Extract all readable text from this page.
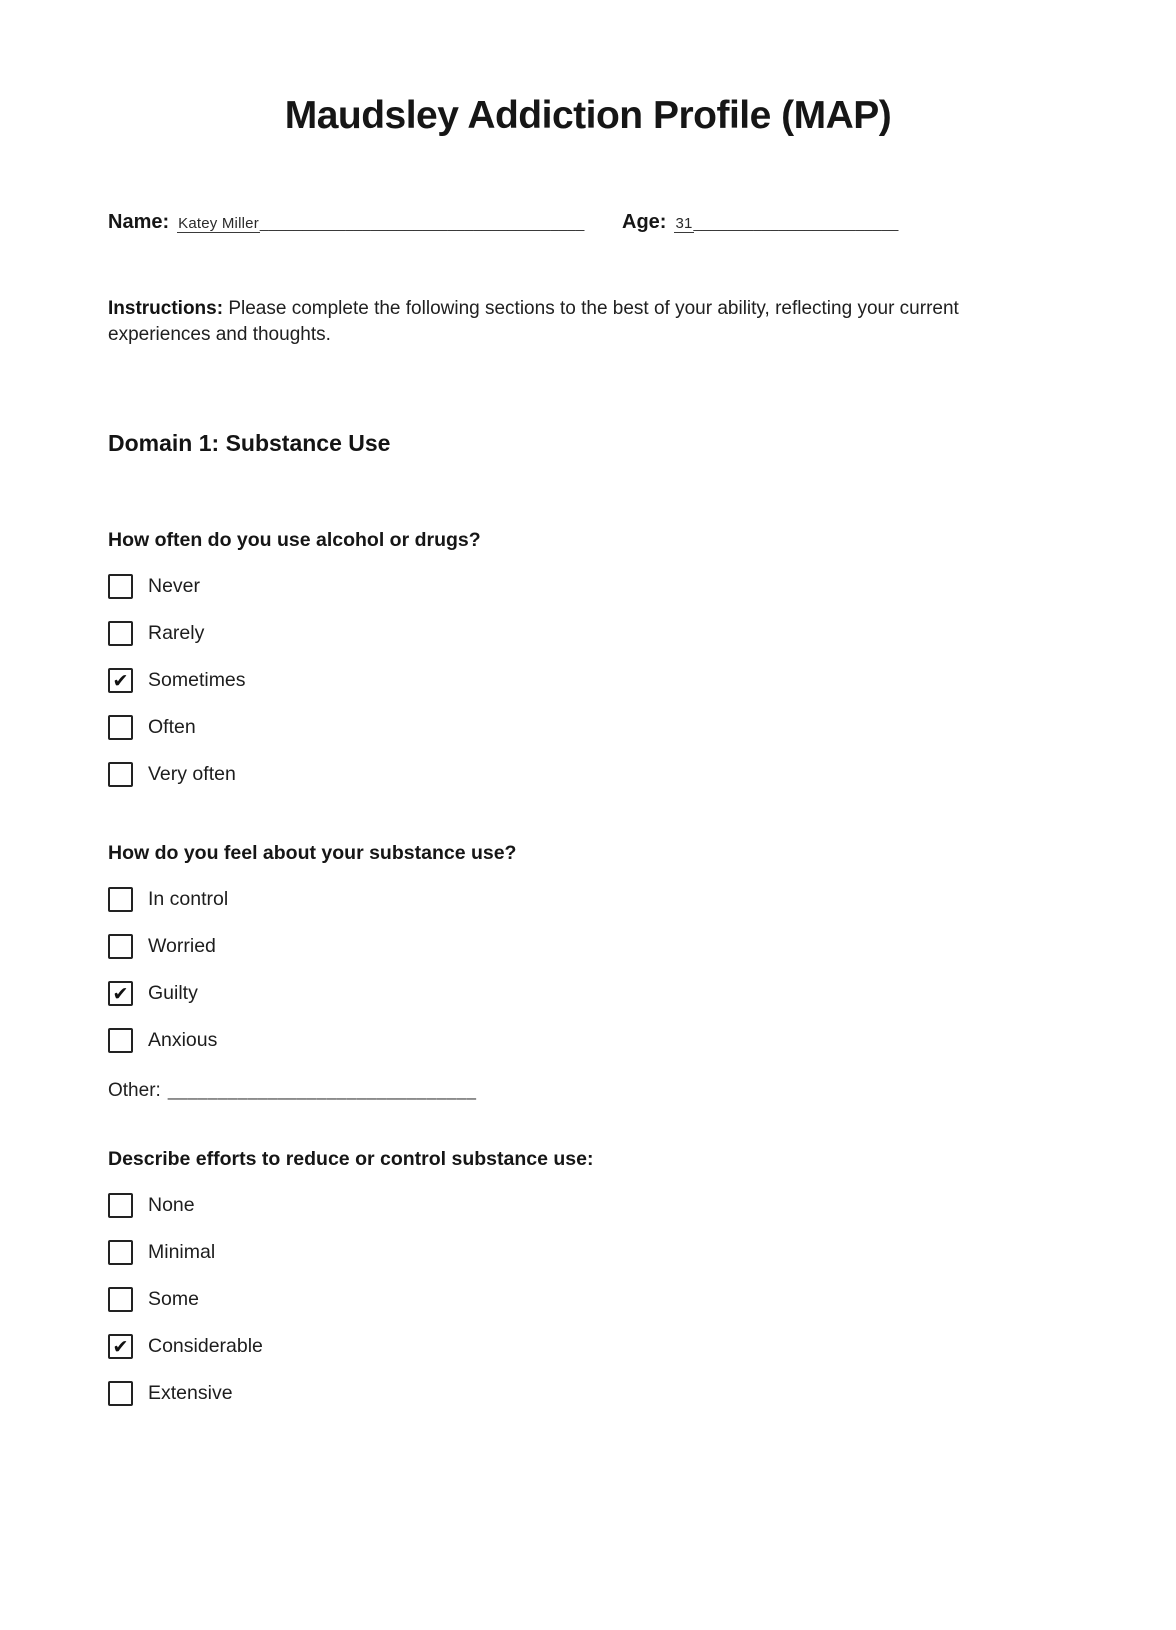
Maudsley Addiction Profile (MAP)
Name: Katey Miller______________________________________ Age: 31________________________

Instructions: Please complete the following sections to the best of your ability, reflecting your current experiences and thoughts.

Domain 1: Substance Use
How often do you use alcohol or drugs?
Never
Rarely
✔ Sometimes
Often
Very often
How do you feel about your substance use?
In control
Worried
✔ Guilty
Anxious
Other: _______________________________
Describe efforts to reduce or control substance use:
None
Minimal
Some
✔ Considerable
Extensive
